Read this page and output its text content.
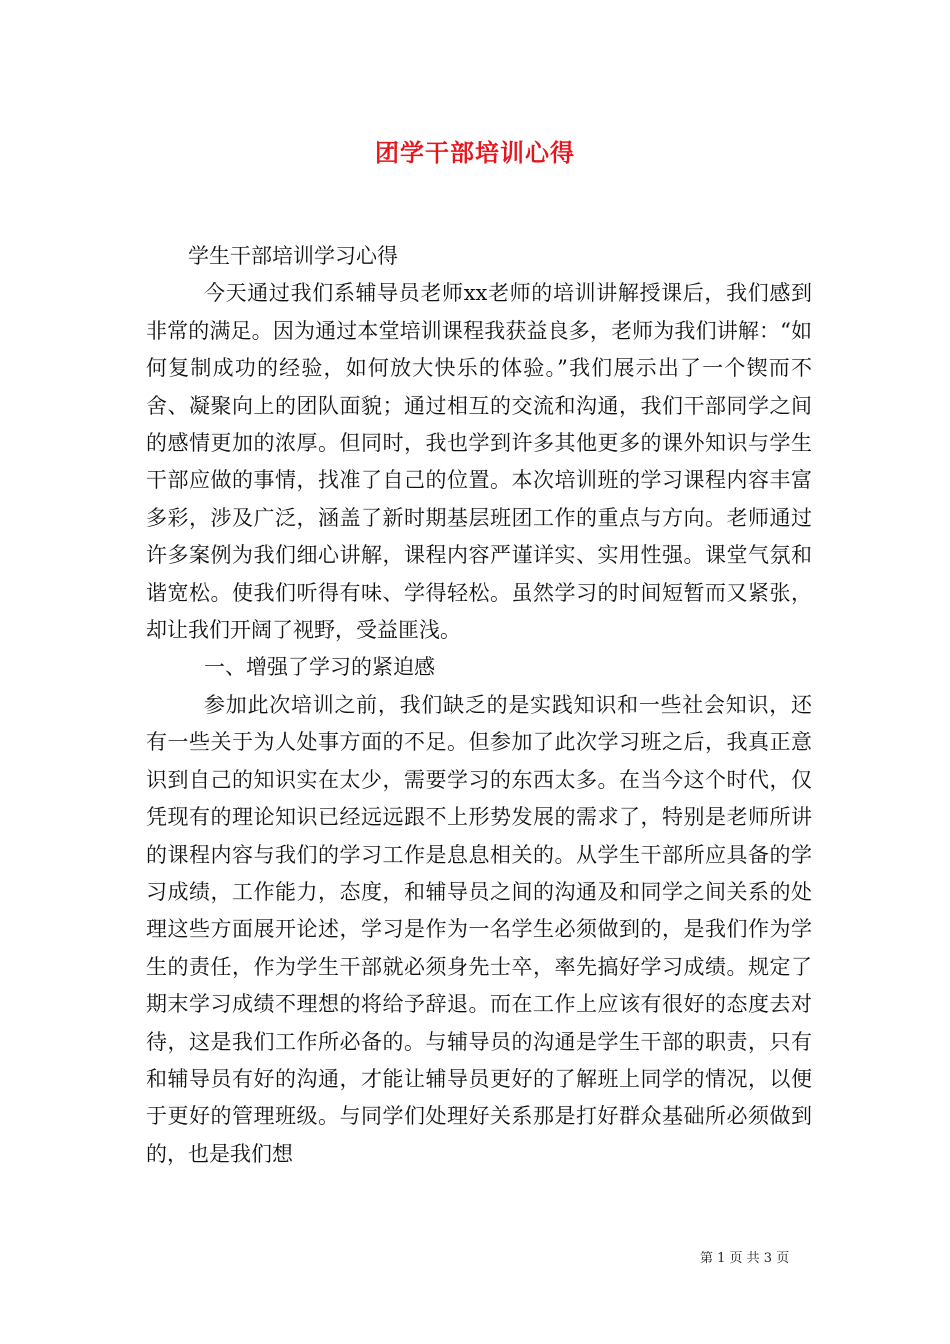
团学干部培训心得

学生干部培训学习心得

今天通过我们系辅导员老师xx老师的培训讲解授课后，我们感到非常的满足。因为通过本堂培训课程我获益良多，老师为我们讲解：“如何复制成功的经验，如何放大快乐的体验。”我们展示出了一个锲而不舍、凝聚向上的团队面貌；通过相互的交流和沟通，我们干部同学之间的感情更加的浓厚。但同时，我也学到许多其他更多的课外知识与学生干部应做的事情，找准了自己的位置。本次培训班的学习课程内容丰富多彩，涉及广泛，涵盖了新时期基层班团工作的重点与方向。老师通过许多案例为我们细心讲解，课程内容严谨详实、实用性强。课堂气氛和谐宽松。使我们听得有味、学得轻松。虽然学习的时间短暂而又紧张，却让我们开阔了视野，受益匪浅。

一、增强了学习的紧迫感

参加此次培训之前，我们缺乏的是实践知识和一些社会知识，还有一些关于为人处事方面的不足。但参加了此次学习班之后，我真正意识到自己的知识实在太少，需要学习的东西太多。在当今这个时代，仅凭现有的理论知识已经远远跟不上形势发展的需求了，特别是老师所讲的课程内容与我们的学习工作是息息相关的。从学生干部所应具备的学习成绩，工作能力，态度，和辅导员之间的沟通及和同学之间关系的处理这些方面展开论述，学习是作为一名学生必须做到的，是我们作为学生的责任，作为学生干部就必须身先士卒，率先搞好学习成绩。规定了期末学习成绩不理想的将给予辞退。而在工作上应该有很好的态度去对待，这是我们工作所必备的。与辅导员的沟通是学生干部的职责，只有和辅导员有好的沟通，才能让辅导员更好的了解班上同学的情况，以便于更好的管理班级。与同学们处理好关系那是打好群众基础所必须做到的，也是我们想

第 1 页 共 3 页
